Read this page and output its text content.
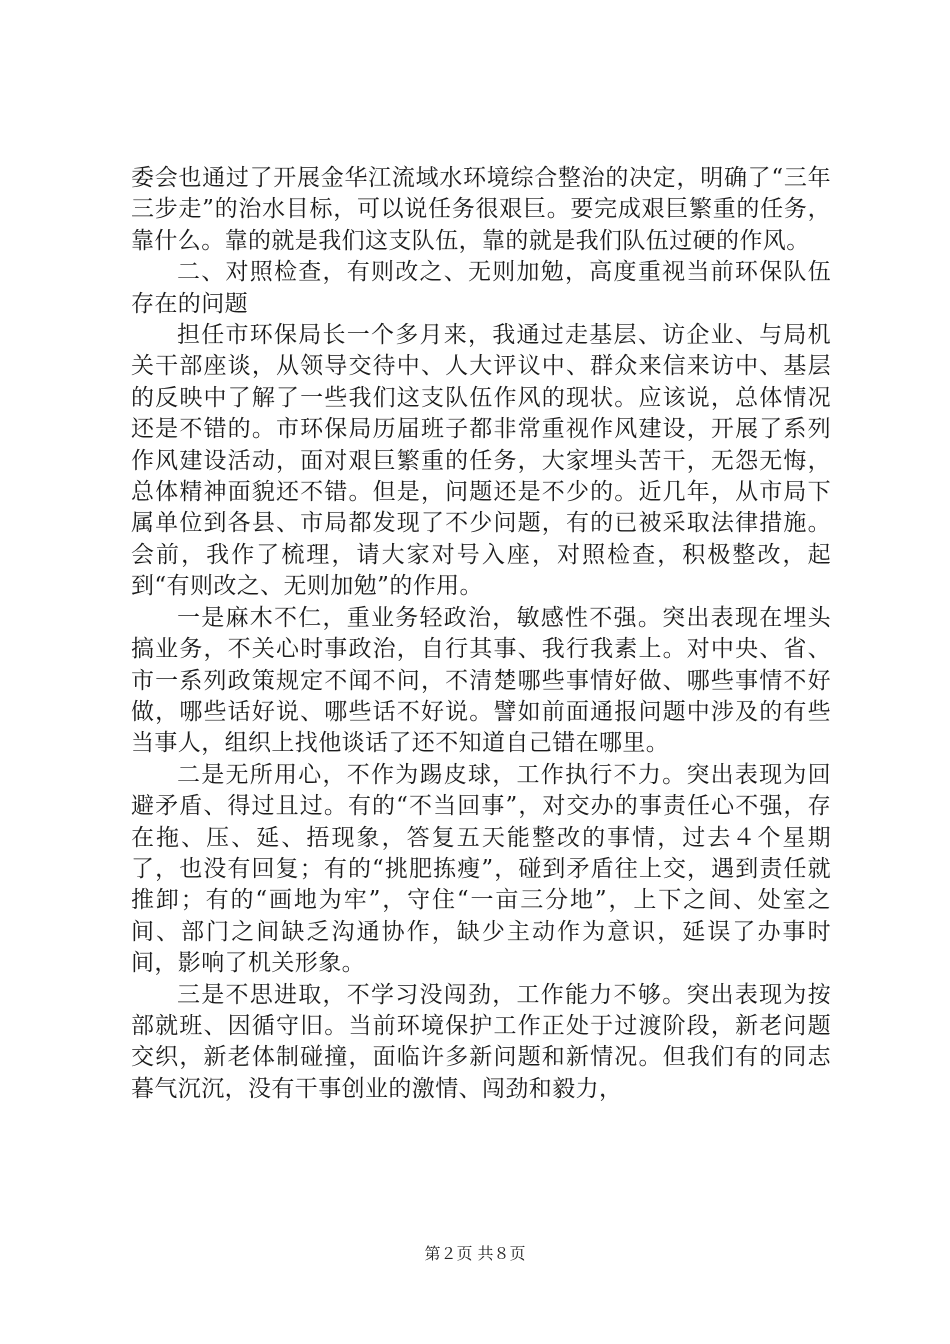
委会也通过了开展金华江流域水环境综合整治的决定，明确了“三年三步走”的治水目标，可以说任务很艰巨。要完成艰巨繁重的任务，靠什么。靠的就是我们这支队伍，靠的就是我们队伍过硬的作风。

二、对照检查，有则改之、无则加勉，高度重视当前环保队伍存在的问题

担任市环保局长一个多月来，我通过走基层、访企业、与局机关干部座谈，从领导交待中、人大评议中、群众来信来访中、基层的反映中了解了一些我们这支队伍作风的现状。应该说，总体情况还是不错的。市环保局历届班子都非常重视作风建设，开展了系列作风建设活动，面对艰巨繁重的任务，大家埋头苦干，无怨无悔，总体精神面貌还不错。但是，问题还是不少的。近几年，从市局下属单位到各县、市局都发现了不少问题，有的已被采取法律措施。会前，我作了梳理，请大家对号入座，对照检查，积极整改，起到“有则改之、无则加勉”的作用。

一是麻木不仁，重业务轻政治，敏感性不强。突出表现在埋头搞业务，不关心时事政治，自行其事、我行我素上。对中央、省、市一系列政策规定不闻不问，不清楚哪些事情好做、哪些事情不好做，哪些话好说、哪些话不好说。譬如前面通报问题中涉及的有些当事人，组织上找他谈话了还不知道自己错在哪里。

二是无所用心，不作为踢皮球，工作执行不力。突出表现为回避矛盾、得过且过。有的“不当回事”，对交办的事责任心不强，存在拖、压、延、捂现象，答复五天能整改的事情，过去４个星期了，也没有回复；有的“挑肥拣瘦”，碰到矛盾往上交，遇到责任就推卸；有的“画地为牢”，守住“一亩三分地”，上下之间、处室之间、部门之间缺乏沟通协作，缺少主动作为意识，延误了办事时间，影响了机关形象。

三是不思进取，不学习没闯劲，工作能力不够。突出表现为按部就班、因循守旧。当前环境保护工作正处于过渡阶段，新老问题交织，新老体制碰撞，面临许多新问题和新情况。但我们有的同志暮气沉沉，没有干事创业的激情、闯劲和毅力，

第２页 共８页
